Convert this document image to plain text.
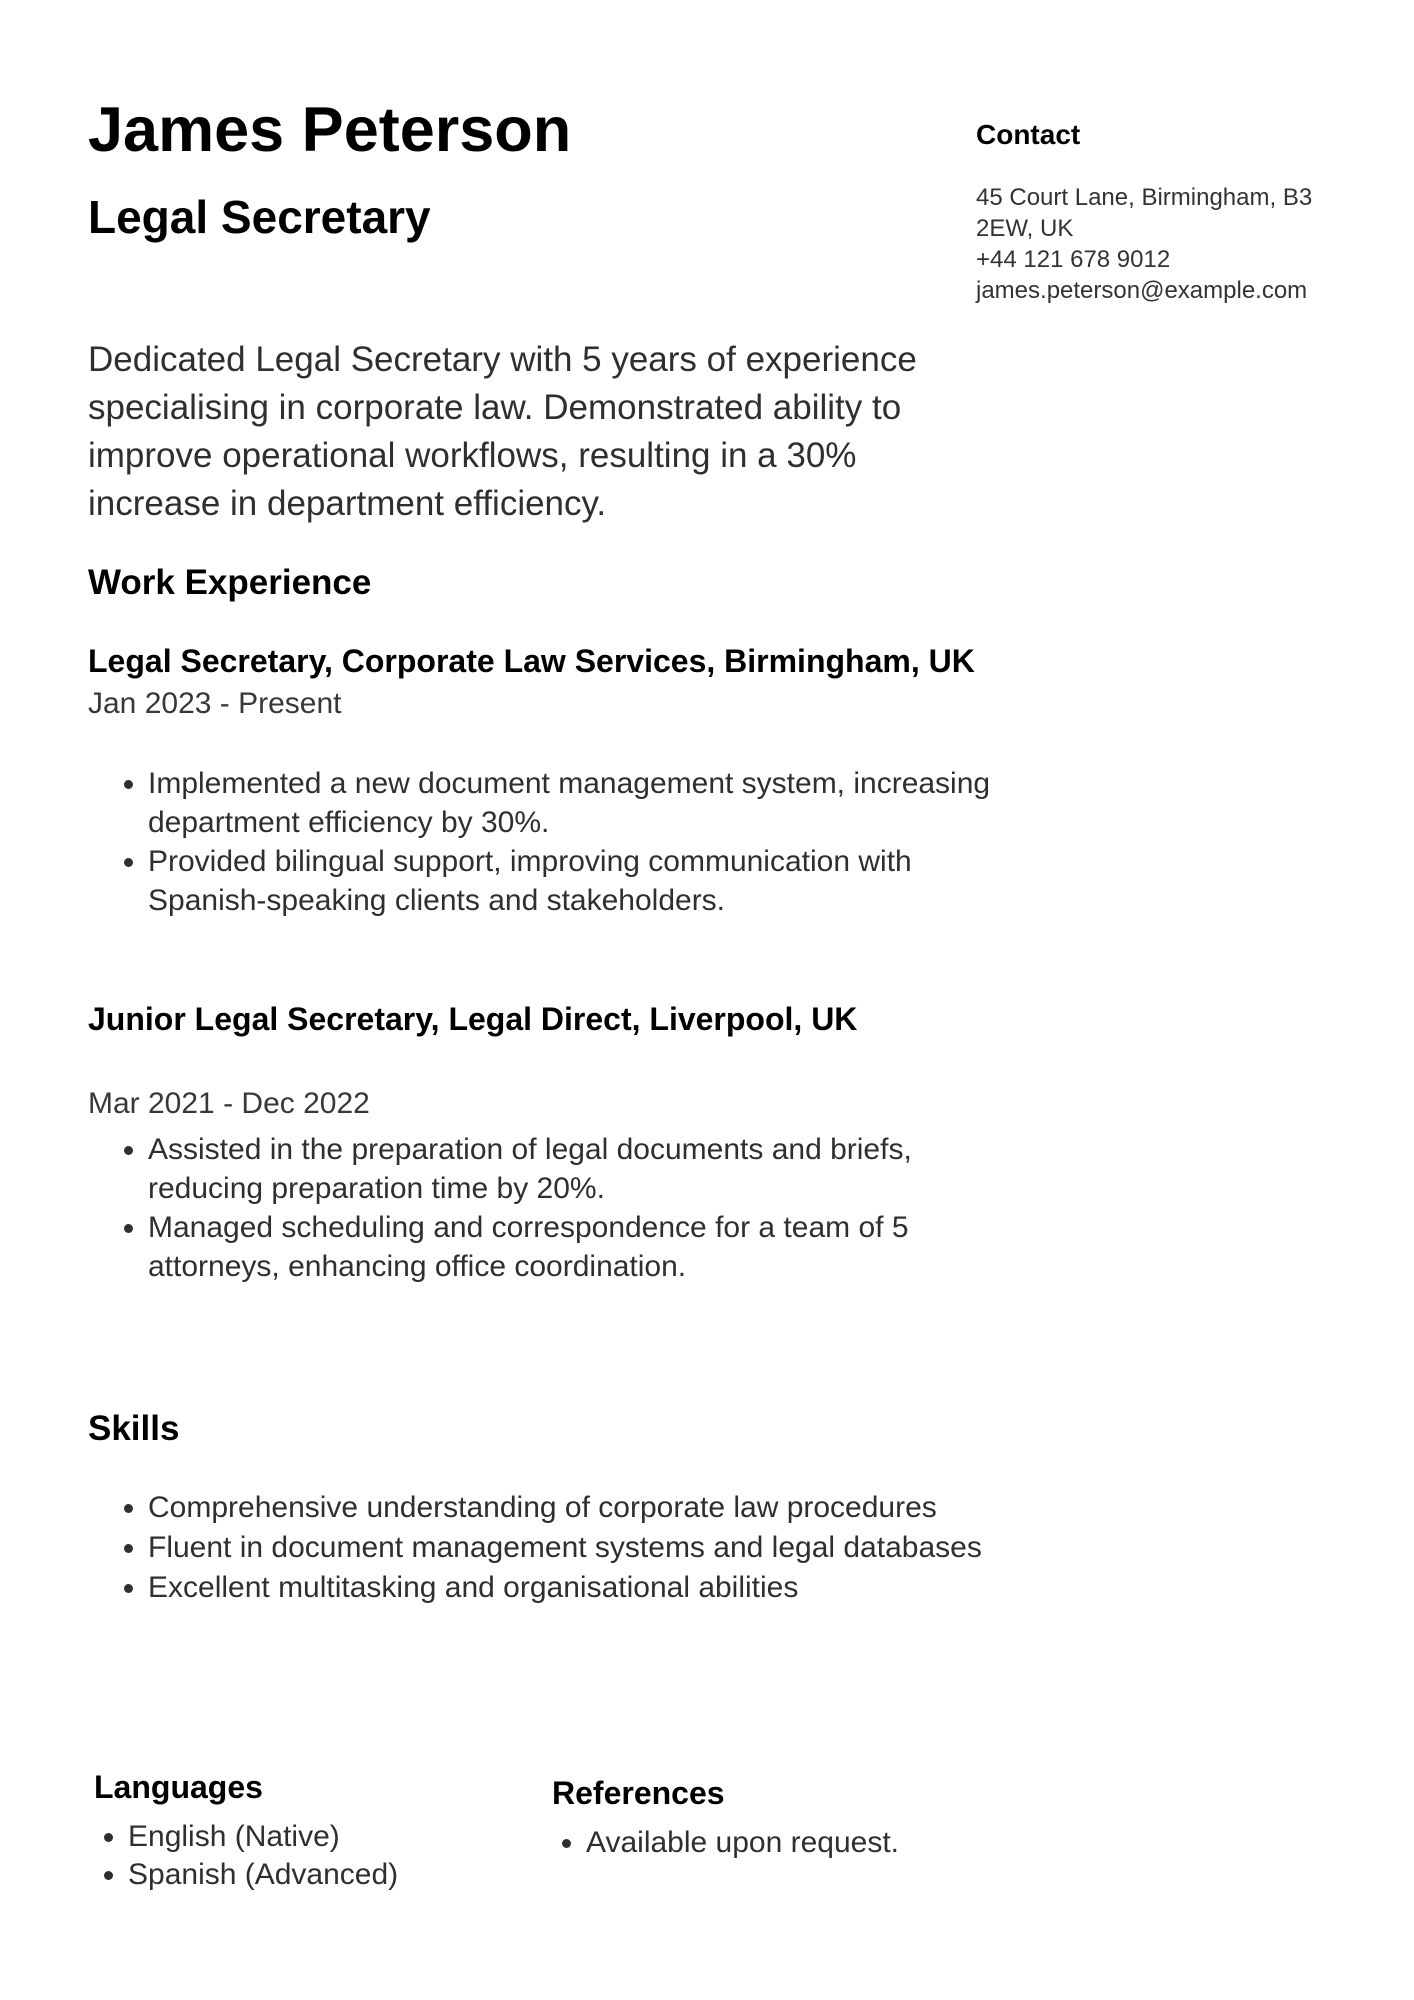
James Peterson
Legal Secretary
Contact

45 Court Lane, Birmingham, B3 2EW, UK

+44 121 678 9012

james.peterson@example.com

Dedicated Legal Secretary with 5 years of experience specialising in corporate law. Demonstrated ability to improve operational workflows, resulting in a 30% increase in department efficiency.

Work Experience
Legal Secretary, Corporate Law Services, Birmingham, UK

Jan 2023 - Present

• Implemented a new document management system, increasing department efficiency by 30%.
• Provided bilingual support, improving communication with Spanish-speaking clients and stakeholders.
Junior Legal Secretary, Legal Direct, Liverpool, UK

Mar 2021 - Dec 2022

• Assisted in the preparation of legal documents and briefs, reducing preparation time by 20%.
• Managed scheduling and correspondence for a team of 5 attorneys, enhancing office coordination.
Skills
• Comprehensive understanding of corporate law procedures
• Fluent in document management systems and legal databases
• Excellent multitasking and organisational abilities
Languages
• English (Native)
• Spanish (Advanced)
References
• Available upon request.
